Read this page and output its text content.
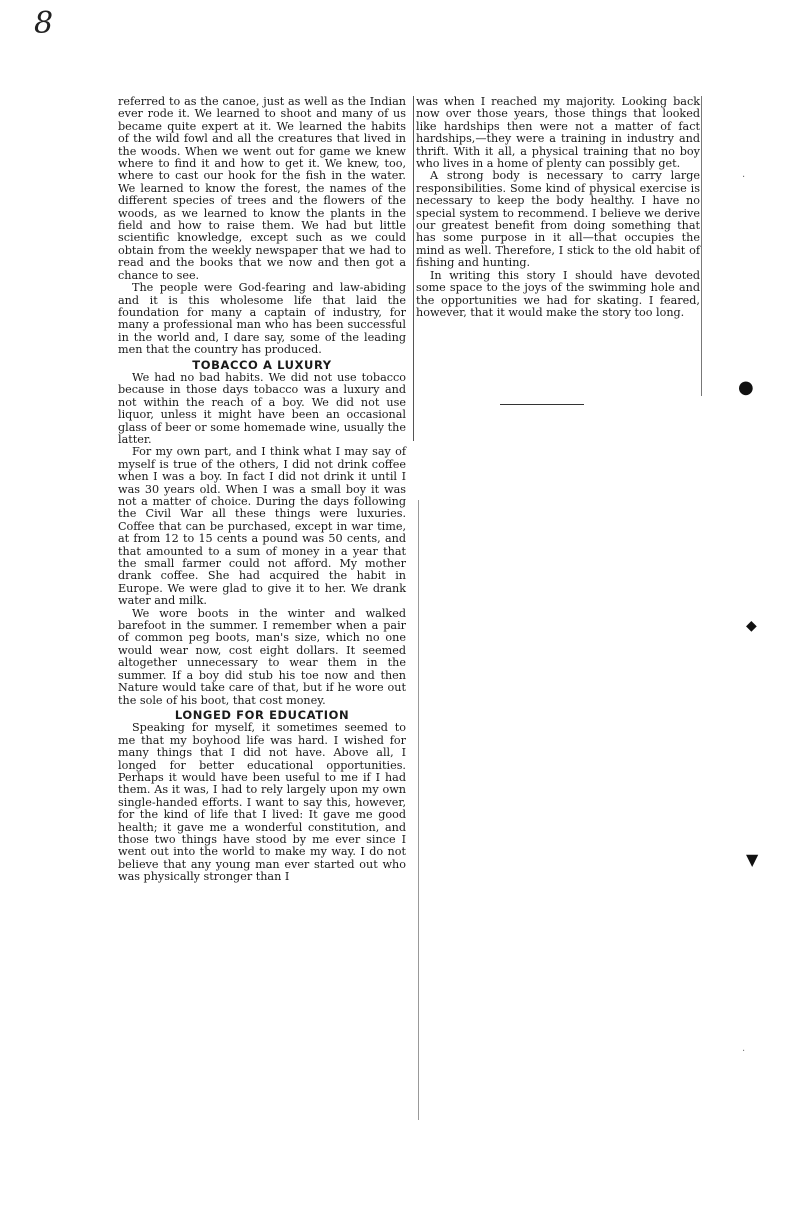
8

referred to as the canoe, just as well as the Indian ever rode it. We learned to shoot and many of us became quite expert at it. We learned the habits of the wild fowl and all the creatures that lived in the woods. When we went out for game we knew where to find it and how to get it. We knew, too, where to cast our hook for the fish in the water. We learned to know the forest, the names of the different species of trees and the flowers of the woods, as we learned to know the plants in the field and how to raise them. We had but little scientific knowledge, except such as we could obtain from the weekly newspaper that we had to read and the books that we now and then got a chance to see.

The people were God-fearing and law-abiding and it is this wholesome life that laid the foundation for many a captain of industry, for many a professional man who has been successful in the world and, I dare say, some of the leading men that the country has produced.

TOBACCO A LUXURY

We had no bad habits. We did not use tobacco because in those days tobacco was a luxury and not within the reach of a boy. We did not use liquor, unless it might have been an occasional glass of beer or some homemade wine, usually the latter.

For my own part, and I think what I may say of myself is true of the others, I did not drink coffee when I was a boy. In fact I did not drink it until I was 30 years old. When I was a small boy it was not a matter of choice. During the days following the Civil War all these things were luxuries. Coffee that can be purchased, except in war time, at from 12 to 15 cents a pound was 50 cents, and that amounted to a sum of money in a year that the small farmer could not afford. My mother drank coffee. She had acquired the habit in Europe. We were glad to give it to her. We drank water and milk.

We wore boots in the winter and walked barefoot in the summer. I remember when a pair of common peg boots, man's size, which no one would wear now, cost eight dollars. It seemed altogether unnecessary to wear them in the summer. If a boy did stub his toe now and then Nature would take care of that, but if he wore out the sole of his boot, that cost money.

LONGED FOR EDUCATION

Speaking for myself, it sometimes seemed to me that my boyhood life was hard. I wished for many things that I did not have. Above all, I longed for better educational opportunities. Perhaps it would have been useful to me if I had them. As it was, I had to rely largely upon my own single-handed efforts. I want to say this, however, for the kind of life that I lived: It gave me good health; it gave me a wonderful constitution, and those two things have stood by me ever since I went out into the world to make my way. I do not believe that any young man ever started out who was physically stronger than I

was when I reached my majority. Looking back now over those years, those things that looked like hardships then were not a matter of fact hardships,—they were a training in industry and thrift. With it all, a physical training that no boy who lives in a home of plenty can possibly get.

A strong body is necessary to carry large responsibilities. Some kind of physical exercise is necessary to keep the body healthy. I have no special system to recommend. I believe we derive our greatest benefit from doing something that has some purpose in it all—that occupies the mind as well. Therefore, I stick to the old habit of fishing and hunting.

In writing this story I should have devoted some space to the joys of the swimming hole and the opportunities we had for skating. I feared, however, that it would make the story too long.

·
●
◆
▼
·
